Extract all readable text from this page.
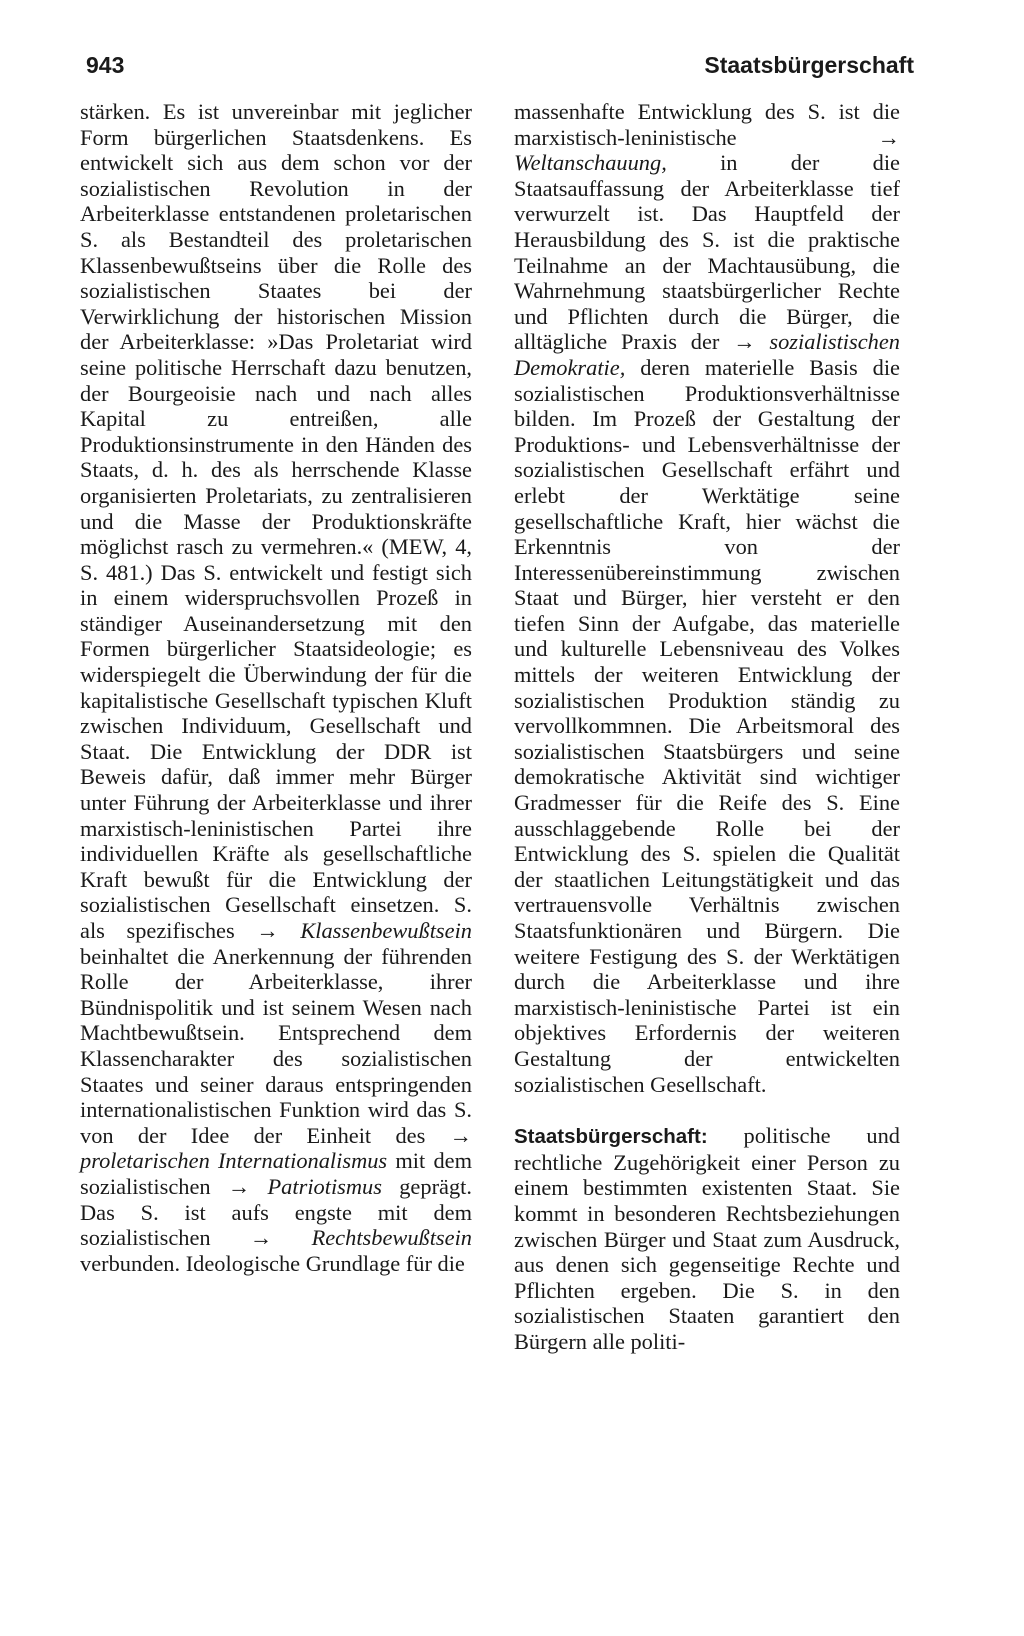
943	Staatsbürgerschaft

stärken. Es ist unvereinbar mit jeglicher Form bürgerlichen Staatsdenkens. Es entwickelt sich aus dem schon vor der sozialistischen Revolution in der Arbeiterklasse entstandenen proletarischen S. als Bestandteil des proletarischen Klassenbewußtseins über die Rolle des sozialistischen Staates bei der Verwirklichung der historischen Mission der Arbeiterklasse: »Das Proletariat wird seine politische Herrschaft dazu benutzen, der Bourgeoisie nach und nach alles Kapital zu entreißen, alle Produktionsinstrumente in den Händen des Staats, d. h. des als herrschende Klasse organisierten Proletariats, zu zentralisieren und die Masse der Produktionskräfte möglichst rasch zu vermehren.« (MEW, 4, S. 481.) Das S. entwickelt und festigt sich in einem widerspruchsvollen Prozeß in ständiger Auseinandersetzung mit den Formen bürgerlicher Staatsideologie; es widerspiegelt die Überwindung der für die kapitalistische Gesellschaft typischen Kluft zwischen Individuum, Gesellschaft und Staat. Die Entwicklung der DDR ist Beweis dafür, daß immer mehr Bürger unter Führung der Arbeiterklasse und ihrer marxistisch-leninistischen Partei ihre individuellen Kräfte als gesellschaftliche Kraft bewußt für die Entwicklung der sozialistischen Gesellschaft einsetzen. S. als spezifisches → Klassenbewußtsein beinhaltet die Anerkennung der führenden Rolle der Arbeiterklasse, ihrer Bündnispolitik und ist seinem Wesen nach Machtbewußtsein. Entsprechend dem Klassencharakter des sozialistischen Staates und seiner daraus entspringenden internationalistischen Funktion wird das S. von der Idee der Einheit des → proletarischen Internationalismus mit dem sozialistischen → Patriotismus geprägt. Das S. ist aufs engste mit dem sozialistischen → Rechtsbewußtsein verbunden. Ideologische Grundlage für die

massenhafte Entwicklung des S. ist die marxistisch-leninistische	→ Weltanschauung, in der die Staatsauffassung der Arbeiterklasse tief verwurzelt ist. Das Hauptfeld der Herausbildung des S. ist die praktische Teilnahme an der Machtausübung, die Wahrnehmung staatsbürgerlicher Rechte und Pflichten durch die Bürger, die alltägliche Praxis der → sozialistischen Demokratie, deren materielle Basis die sozialistischen Produktionsverhältnisse bilden. Im Prozeß der Gestaltung der Produktions- und Lebensverhältnisse der sozialistischen Gesellschaft erfährt und erlebt der Werktätige seine gesellschaftliche Kraft, hier wächst die Erkenntnis von der Interessenübereinstimmung zwischen Staat und Bürger, hier versteht er den tiefen Sinn der Aufgabe, das materielle und kulturelle Lebensniveau des Volkes mittels der weiteren Entwicklung der sozialistischen Produktion ständig zu vervollkommnen. Die Arbeitsmoral des sozialistischen Staatsbürgers und seine demokratische Aktivität sind wichtiger Gradmesser für die Reife des S. Eine ausschlaggebende Rolle bei der Entwicklung des S. spielen die Qualität der staatlichen Leitungstätigkeit und das vertrauensvolle Verhältnis zwischen Staatsfunktionären und Bürgern. Die weitere Festigung des S. der Werktätigen durch die Arbeiterklasse und ihre marxistisch-leninistische Partei ist ein objektives Erfordernis der weiteren Gestaltung der entwickelten sozialistischen Gesellschaft.

Staatsbürgerschaft: politische und rechtliche Zugehörigkeit einer Person zu einem bestimmten existenten Staat. Sie kommt in besonderen Rechtsbeziehungen zwischen Bürger und Staat zum Ausdruck, aus denen sich gegenseitige Rechte und Pflichten ergeben. Die S. in den sozialistischen Staaten garantiert den Bürgern alle politi-
